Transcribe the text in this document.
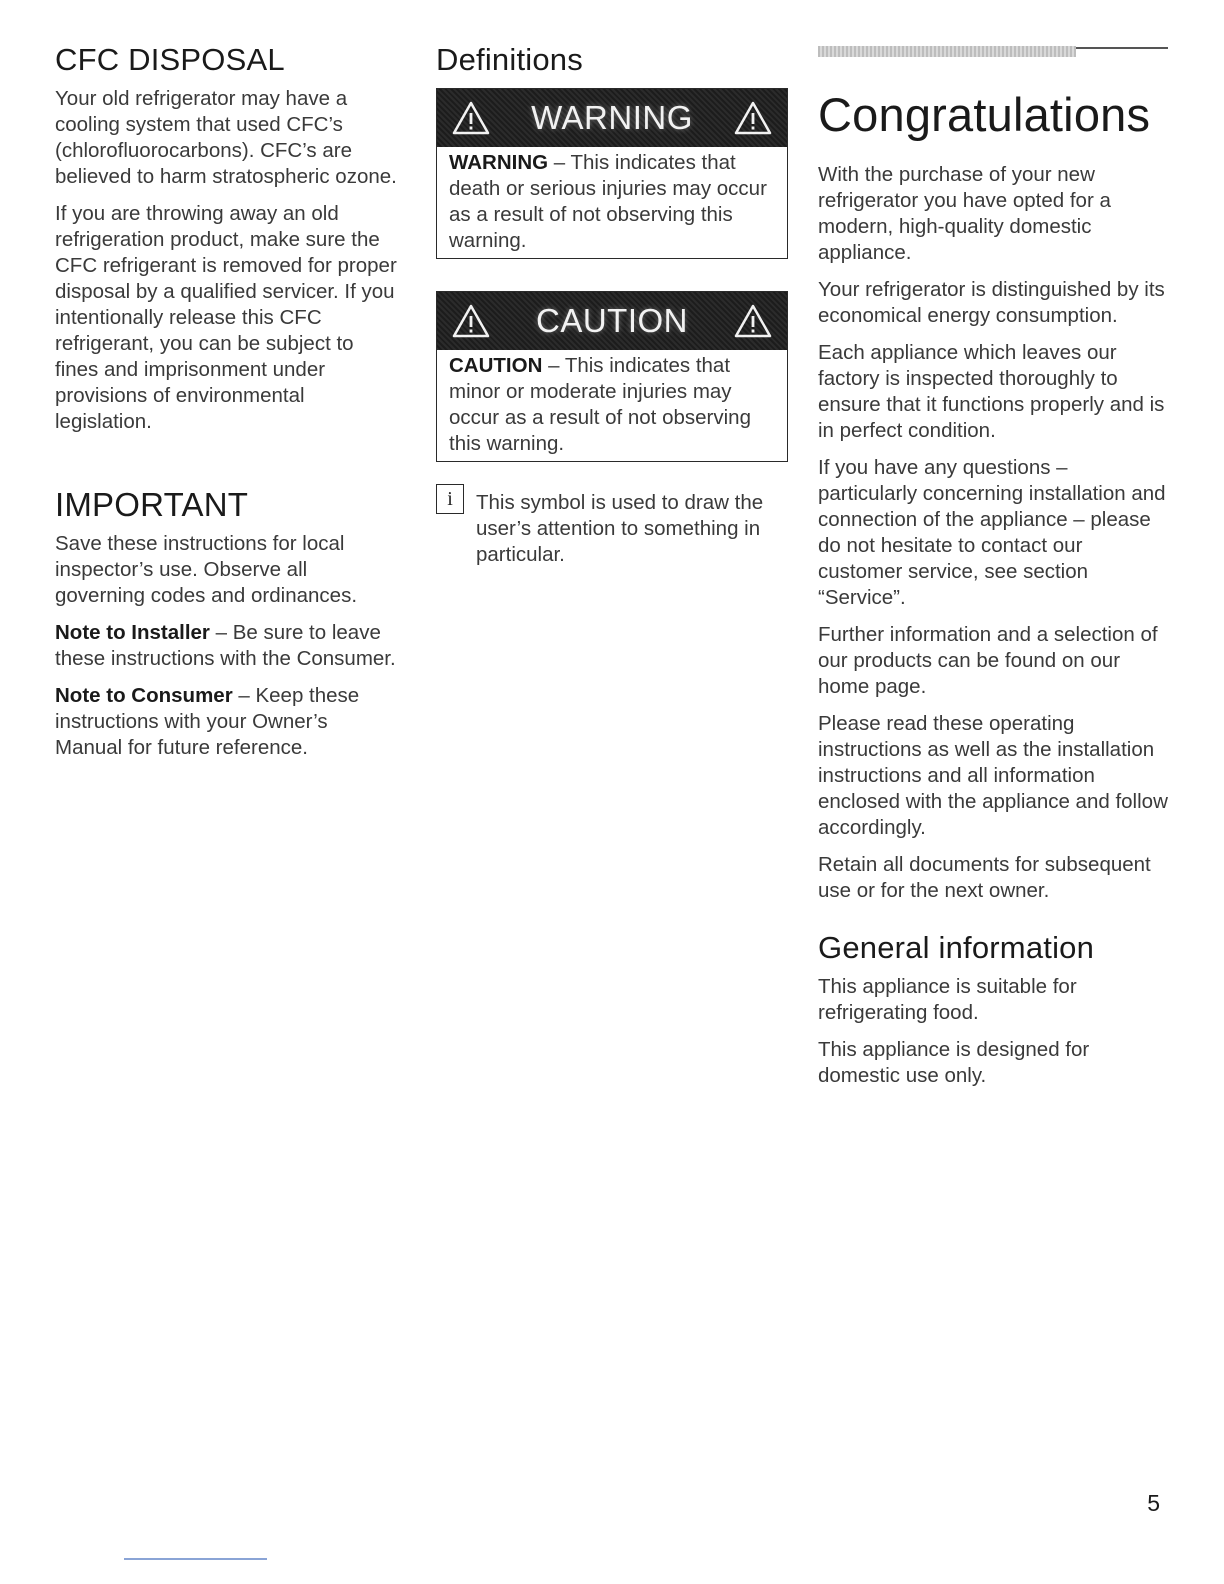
CFC DISPOSAL

Your old refrigerator may have a cooling system that used CFC’s (chlorofluorocarbons). CFC’s are believed to harm stratospheric ozone.

If you are throwing away an old refrigeration product, make sure the CFC refrigerant is removed for proper disposal by a qualified servicer. If you intentionally release this CFC refrigerant, you can be subject to fines and imprisonment under provisions of environmental legislation.

IMPORTANT

Save these instructions for local inspector’s use. Observe all governing codes and ordinances.

Note to Installer – Be sure to leave these instructions with the Consumer.

Note to Consumer – Keep these instructions with your Owner’s Manual for future reference.

Definitions
WARNING

WARNING – This indicates that death or serious injuries may occur as a result of not observing this warning.

CAUTION

CAUTION – This indicates that minor or moderate injuries may occur as a result of not observing this warning.

i	This symbol is used to draw the user’s attention to something in particular.

Congratulations

With the purchase of your new refrigerator you have opted for a modern, high-quality domestic appliance.

Your refrigerator is distinguished by its economical energy consumption.

Each appliance which leaves our factory is inspected thoroughly to ensure that it functions properly and is in perfect condition.

If you have any questions – particularly concerning installation and connection of the appliance – please do not hesitate to contact our customer service, see section “Service”.

Further information and a selection of our products can be found on our home page.

Please read these operating instructions as well as the installation instructions and all information enclosed with the appliance and follow accordingly.

Retain all documents for subsequent use or for the next owner.

General information

This appliance is suitable for refrigerating food.

This appliance is designed for domestic use only.

5
